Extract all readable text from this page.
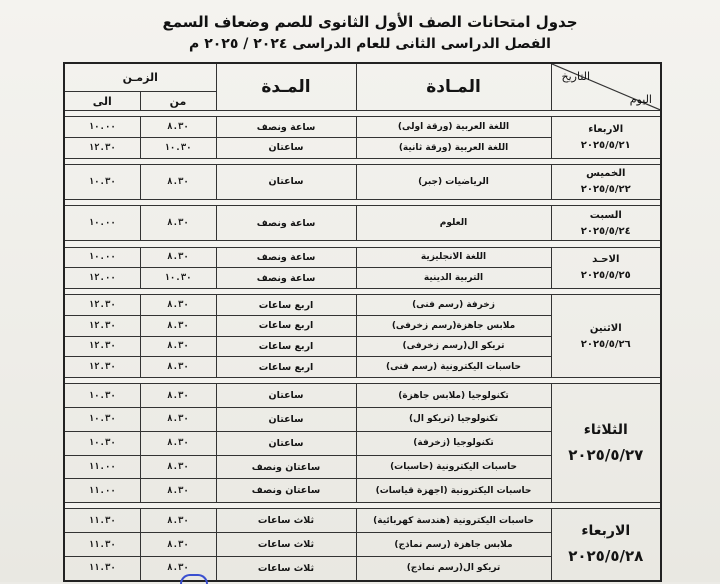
جدول امتحانات الصف الأول الثانوى للصم وضعاف السمع
الفصل الدراسى الثانى للعام الدراسى ٢٠٢٤ / ٢٠٢٥ م
التاريخ
اليوم	المـادة	المـدة	الزمـن	
			من	الى

الاربعاء
٢٠٢٥/٥/٢١	اللغة العربية (ورقة اولى)	ساعة ونصف	٨.٣٠	١٠.٠٠
	اللغة العربية (ورقة ثانية)	ساعتان	١٠.٣٠	١٢.٣٠

الخميس
٢٠٢٥/٥/٢٢	الرياضيات (جبر)	ساعتان	٨.٣٠	١٠.٣٠

السبت
٢٠٢٥/٥/٢٤	العلوم	ساعة ونصف	٨.٣٠	١٠.٠٠

الاحـد
٢٠٢٥/٥/٢٥	اللغة الانجليزية	ساعة ونصف	٨.٣٠	١٠.٠٠
	التربية الدينية	ساعة ونصف	١٠.٣٠	١٢.٠٠

الاثنين
٢٠٢٥/٥/٢٦	زخرفة (رسم فنى)	اربع ساعات	٨.٣٠	١٢.٣٠
	ملابس جاهزة(رسم زخرفى)	اربع ساعات	٨.٣٠	١٢.٣٠
	تريكو ال(رسم زخرفى)	اربع ساعات	٨.٣٠	١٢.٣٠
	حاسبات اليكترونية (رسم فنى)	اربع ساعات	٨.٣٠	١٢.٣٠

الثلاثاء
٢٠٢٥/٥/٢٧	تكنولوجيا (ملابس جاهزة)	ساعتان	٨.٣٠	١٠.٣٠
	تكنولوجيا (تريكو ال)	ساعتان	٨.٣٠	١٠.٣٠
	تكنولوجيا (زخرفة)	ساعتان	٨.٣٠	١٠.٣٠
	حاسبات اليكترونية (حاسبات)	ساعتان ونصف	٨.٣٠	١١.٠٠
	حاسبات اليكترونية (اجهزة قياسات)	ساعتان ونصف	٨.٣٠	١١.٠٠

الاربعاء
٢٠٢٥/٥/٢٨	حاسبات اليكترونية (هندسة كهربائية)	ثلاث ساعات	٨.٣٠	١١.٣٠
	ملابس جاهزة (رسم نماذج)	ثلاث ساعات	٨.٣٠	١١.٣٠
	تريكو ال(رسم نماذج)	ثلاث ساعات	٨.٣٠	١١.٣٠
